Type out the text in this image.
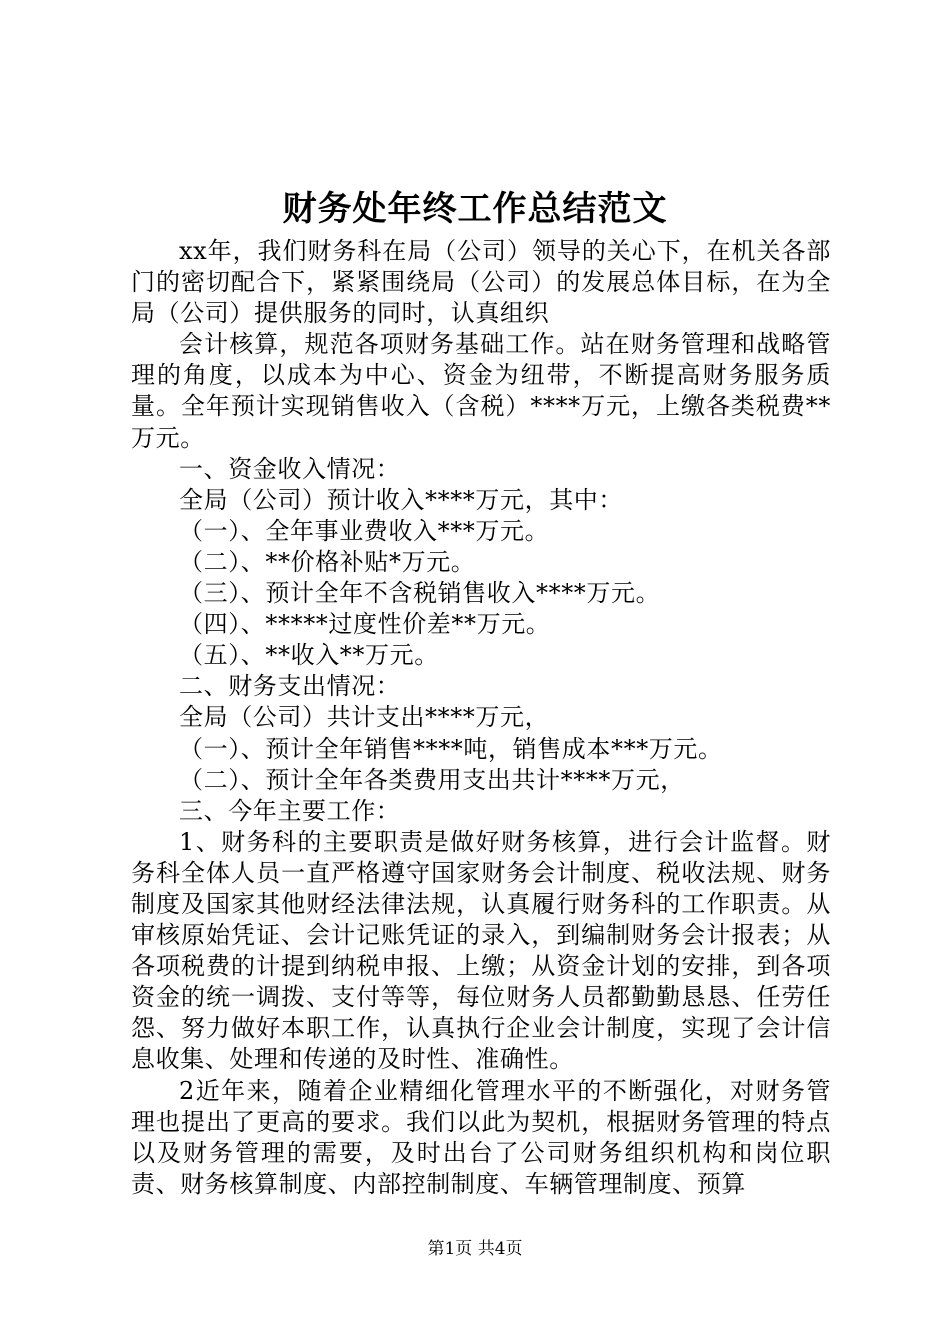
财务处年终工作总结范文

xx年，我们财务科在局（公司）领导的关心下，在机关各部门的密切配合下，紧紧围绕局（公司）的发展总体目标，在为全局（公司）提供服务的同时，认真组织

会计核算，规范各项财务基础工作。站在财务管理和战略管理的角度，以成本为中心、资金为纽带，不断提高财务服务质量。全年预计实现销售收入（含税）****万元，上缴各类税费**万元。

一、资金收入情况：

全局（公司）预计收入****万元，其中：

（一）、全年事业费收入***万元。

（二）、**价格补贴*万元。

（三）、预计全年不含税销售收入****万元。

（四）、*****过度性价差**万元。

（五）、**收入**万元。

二、财务支出情况：

全局（公司）共计支出****万元，

（一）、预计全年销售****吨，销售成本***万元。

（二）、预计全年各类费用支出共计****万元，

三、今年主要工作：

1、财务科的主要职责是做好财务核算，进行会计监督。财务科全体人员一直严格遵守国家财务会计制度、税收法规、财务制度及国家其他财经法律法规，认真履行财务科的工作职责。从审核原始凭证、会计记账凭证的录入，到编制财务会计报表；从各项税费的计提到纳税申报、上缴；从资金计划的安排，到各项资金的统一调拨、支付等等，每位财务人员都勤勤恳恳、任劳任怨、努力做好本职工作，认真执行企业会计制度，实现了会计信息收集、处理和传递的及时性、准确性。

2近年来，随着企业精细化管理水平的不断强化，对财务管理也提出了更高的要求。我们以此为契机，根据财务管理的特点以及财务管理的需要，及时出台了公司财务组织机构和岗位职责、财务核算制度、内部控制制度、车辆管理制度、预算

第1页 共4页
